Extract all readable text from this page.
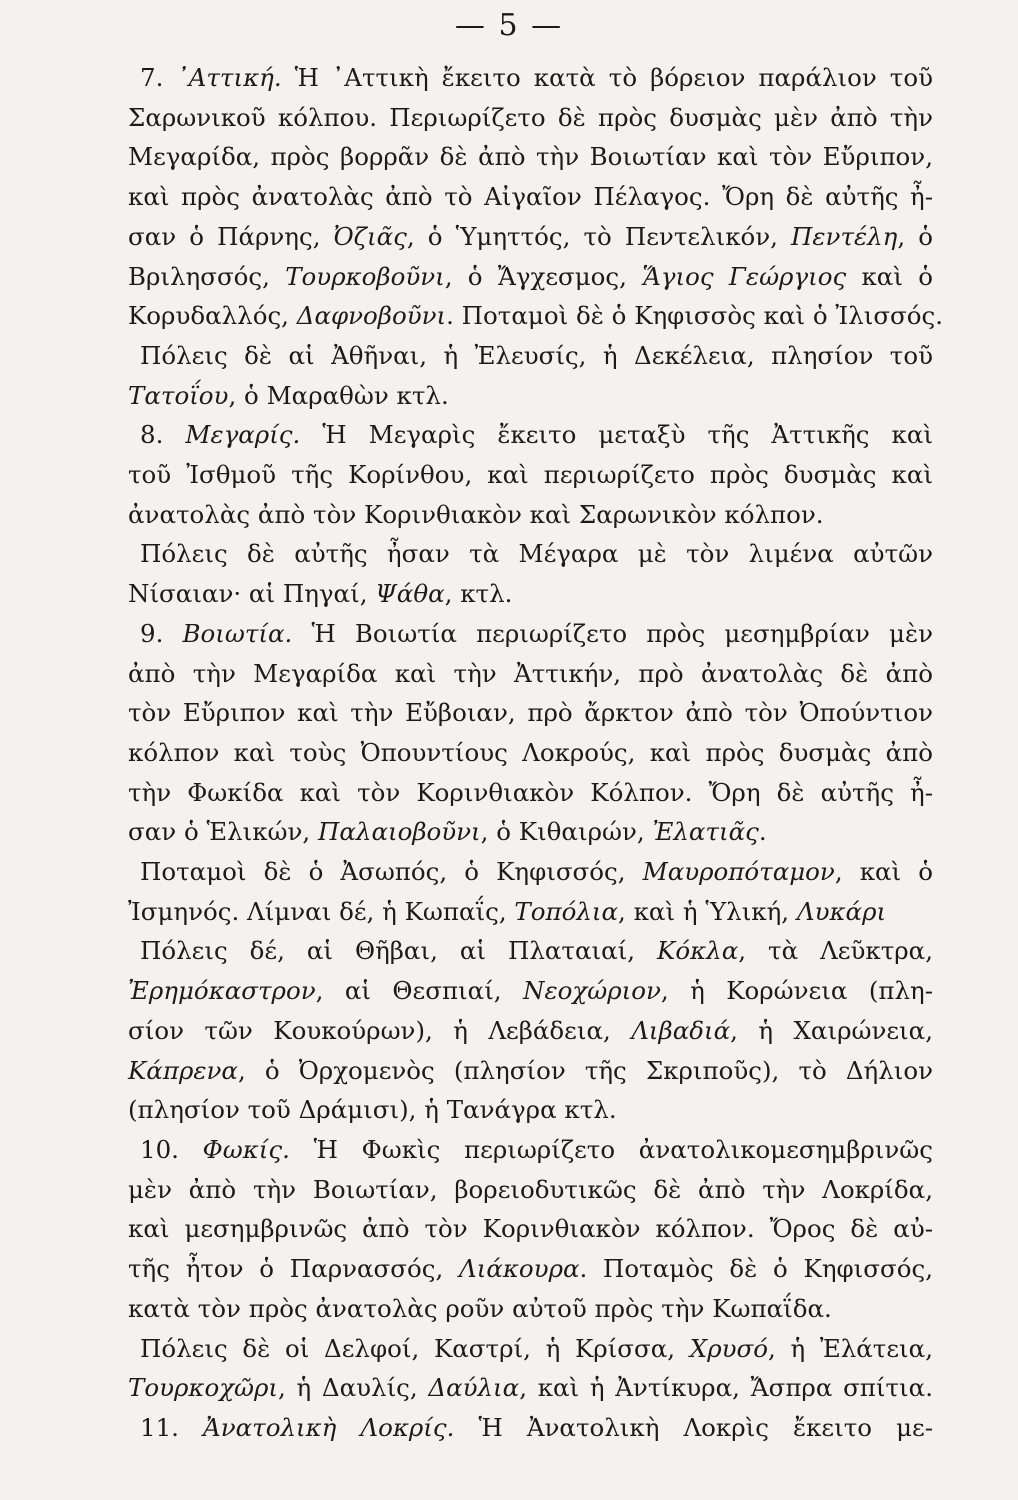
— 5 —
7. ᾿Αττική. Ἡ ᾿Αττικὴ ἔκειτο κατὰ τὸ βόρειον παράλιον τοῦ
Σαρωνικοῦ κόλπου. Περιωρίζετο δὲ πρὸς δυσμὰς μὲν ἀπὸ τὴν
Μεγαρίδα, πρὸς βορρᾶν δὲ ἀπὸ τὴν Βοιωτίαν καὶ τὸν Εὔριπον,
καὶ πρὸς ἀνατολὰς ἀπὸ τὸ Αἰγαῖον Πέλαγος. Ὄρη δὲ αὐτῆς ἦ-
σαν ὁ Πάρνης, Ὀζιᾶς, ὁ Ὑμηττός, τὸ Πεντελικόν, Πεντέλη, ὁ
Βριλησσός, Τουρκοβοῦνι, ὁ Ἄγχεσμος, Ἅγιος Γεώργιος καὶ ὁ
Κορυδαλλός, Δαφνοβοῦνι. Ποταμοὶ δὲ ὁ Κηφισσὸς καὶ ὁ Ἰλισσός.
Πόλεις δὲ αἱ Ἀθῆναι, ἡ Ἐλευσίς, ἡ Δεκέλεια, πλησίον τοῦ
Τατοΐου, ὁ Μαραθὼν κτλ.
8. Μεγαρίς. Ἡ Μεγαρὶς ἔκειτο μεταξὺ τῆς Ἀττικῆς καὶ
τοῦ Ἰσθμοῦ τῆς Κορίνθου, καὶ περιωρίζετο πρὸς δυσμὰς καὶ
ἀνατολὰς ἀπὸ τὸν Κορινθιακὸν καὶ Σαρωνικὸν κόλπον.
Πόλεις δὲ αὐτῆς ἦσαν τὰ Μέγαρα μὲ τὸν λιμένα αὐτῶν
Νίσαιαν· αἱ Πηγαί, Ψάθα, κτλ.
9. Βοιωτία. Ἡ Βοιωτία περιωρίζετο πρὸς μεσημβρίαν μὲν
ἀπὸ τὴν Μεγαρίδα καὶ τὴν Ἀττικήν, πρὸ ἀνατολὰς δὲ ἀπὸ
τὸν Εὔριπον καὶ τὴν Εὔβοιαν, πρὸ ἄρκτον ἀπὸ τὸν Ὀπούντιον
κόλπον καὶ τοὺς Ὀπουντίους Λοκρούς, καὶ πρὸς δυσμὰς ἀπὸ
τὴν Φωκίδα καὶ τὸν Κορινθιακὸν Κόλπον. Ὄρη δὲ αὐτῆς ἦ-
σαν ὁ Ἑλικών, Παλαιοβοῦνι, ὁ Κιθαιρών, Ἐλατιᾶς.
Ποταμοὶ δὲ ὁ Ἀσωπός, ὁ Κηφισσός, Μαυροπόταμον, καὶ ὁ
Ἰσμηνός. Λίμναι δέ, ἡ Κωπαΐς, Τοπόλια, καὶ ἡ Ὑλική, Λυκάρι
Πόλεις δέ, αἱ Θῆβαι, αἱ Πλαταιαί, Κόκλα, τὰ Λεῦκτρα,
Ἐρημόκαστρον, αἱ Θεσπιαί, Νεοχώριον, ἡ Κορώνεια (πλη-
σίον τῶν Κουκούρων), ἡ Λεβάδεια, Λιβαδιά, ἡ Χαιρώνεια,
Κάπρενα, ὁ Ὀρχομενὸς (πλησίον τῆς Σκριποῦς), τὸ Δήλιον
(πλησίον τοῦ Δράμισι), ἡ Τανάγρα κτλ.
10. Φωκίς. Ἡ Φωκὶς περιωρίζετο ἀνατολικομεσημβρινῶς
μὲν ἀπὸ τὴν Βοιωτίαν, βορειοδυτικῶς δὲ ἀπὸ τὴν Λοκρίδα,
καὶ μεσημβρινῶς ἀπὸ τὸν Κορινθιακὸν κόλπον. Ὄρος δὲ αὐ-
τῆς ἦτον ὁ Παρνασσός, Λιάκουρα. Ποταμὸς δὲ ὁ Κηφισσός,
κατὰ τὸν πρὸς ἀνατολὰς ροῦν αὐτοῦ πρὸς τὴν Κωπαΐδα.
Πόλεις δὲ οἱ Δελφοί, Καστρί, ἡ Κρίσσα, Χρυσό, ἡ Ἐλάτεια,
Τουρκοχῶρι, ἡ Δαυλίς, Δαύλια, καὶ ἡ Ἀντίκυρα, Ἄσπρα σπίτια.
11. Ἀνατολικὴ Λοκρίς. Ἡ Ἀνατολικὴ Λοκρὶς ἔκειτο με-
